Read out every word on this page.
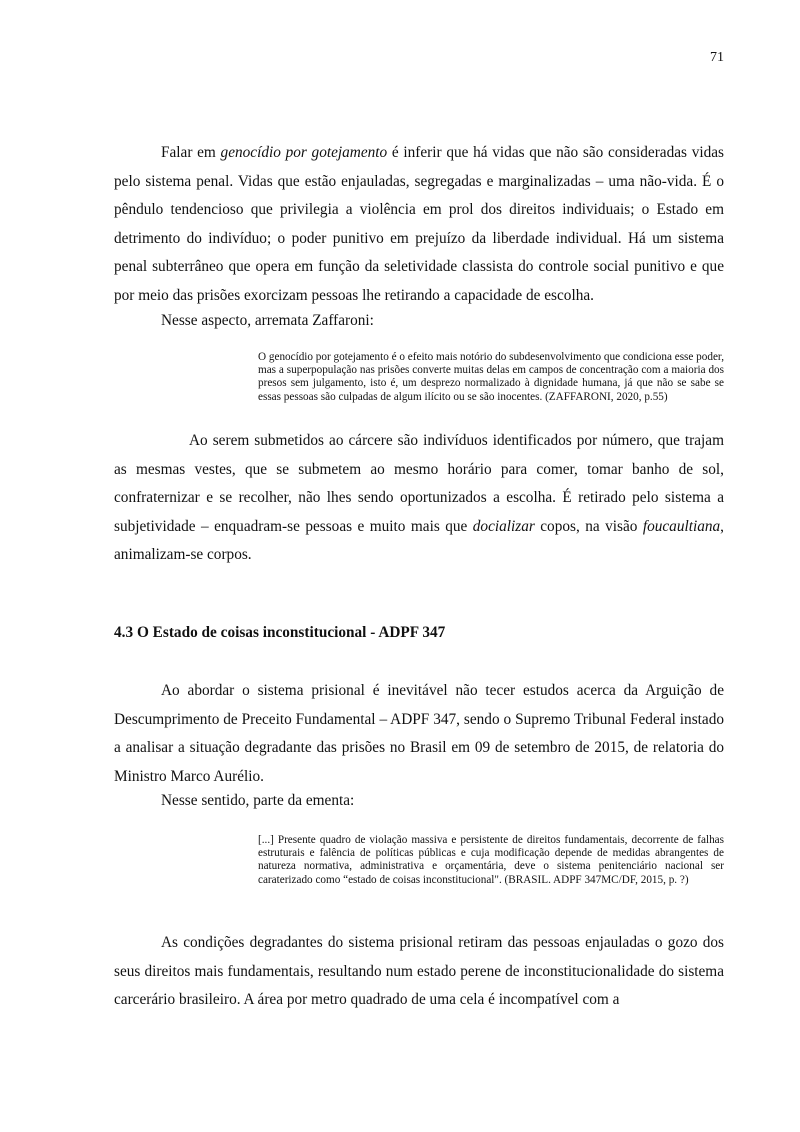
71

Falar em genocídio por gotejamento é inferir que há vidas que não são consideradas vidas pelo sistema penal. Vidas que estão enjauladas, segregadas e marginalizadas – uma não-vida. É o pêndulo tendencioso que privilegia a violência em prol dos direitos individuais; o Estado em detrimento do indivíduo; o poder punitivo em prejuízo da liberdade individual. Há um sistema penal subterrâneo que opera em função da seletividade classista do controle social punitivo e que por meio das prisões exorcizam pessoas lhe retirando a capacidade de escolha.

Nesse aspecto, arremata Zaffaroni:

O genocídio por gotejamento é o efeito mais notório do subdesenvolvimento que condiciona esse poder, mas a superpopulação nas prisões converte muitas delas em campos de concentração com a maioria dos presos sem julgamento, isto é, um desprezo normalizado à dignidade humana, já que não se sabe se essas pessoas são culpadas de algum ilícito ou se são inocentes. (ZAFFARONI, 2020, p.55)

Ao serem submetidos ao cárcere são indivíduos identificados por número, que trajam as mesmas vestes, que se submetem ao mesmo horário para comer, tomar banho de sol, confraternizar e se recolher, não lhes sendo oportunizados a escolha. É retirado pelo sistema a subjetividade – enquadram-se pessoas e muito mais que docializar copos, na visão foucaultiana, animalizam-se corpos.

4.3 O Estado de coisas inconstitucional - ADPF 347

Ao abordar o sistema prisional é inevitável não tecer estudos acerca da Arguição de Descumprimento de Preceito Fundamental – ADPF 347, sendo o Supremo Tribunal Federal instado a analisar a situação degradante das prisões no Brasil em 09 de setembro de 2015, de relatoria do Ministro Marco Aurélio.

Nesse sentido, parte da ementa:

[...] Presente quadro de violação massiva e persistente de direitos fundamentais, decorrente de falhas estruturais e falência de políticas públicas e cuja modificação depende de medidas abrangentes de natureza normativa, administrativa e orçamentária, deve o sistema penitenciário nacional ser caraterizado como “estado de coisas inconstitucional". (BRASIL. ADPF 347MC/DF, 2015, p. ?)

As condições degradantes do sistema prisional retiram das pessoas enjauladas o gozo dos seus direitos mais fundamentais, resultando num estado perene de inconstitucionalidade do sistema carcerário brasileiro. A área por metro quadrado de uma cela é incompatível com a
